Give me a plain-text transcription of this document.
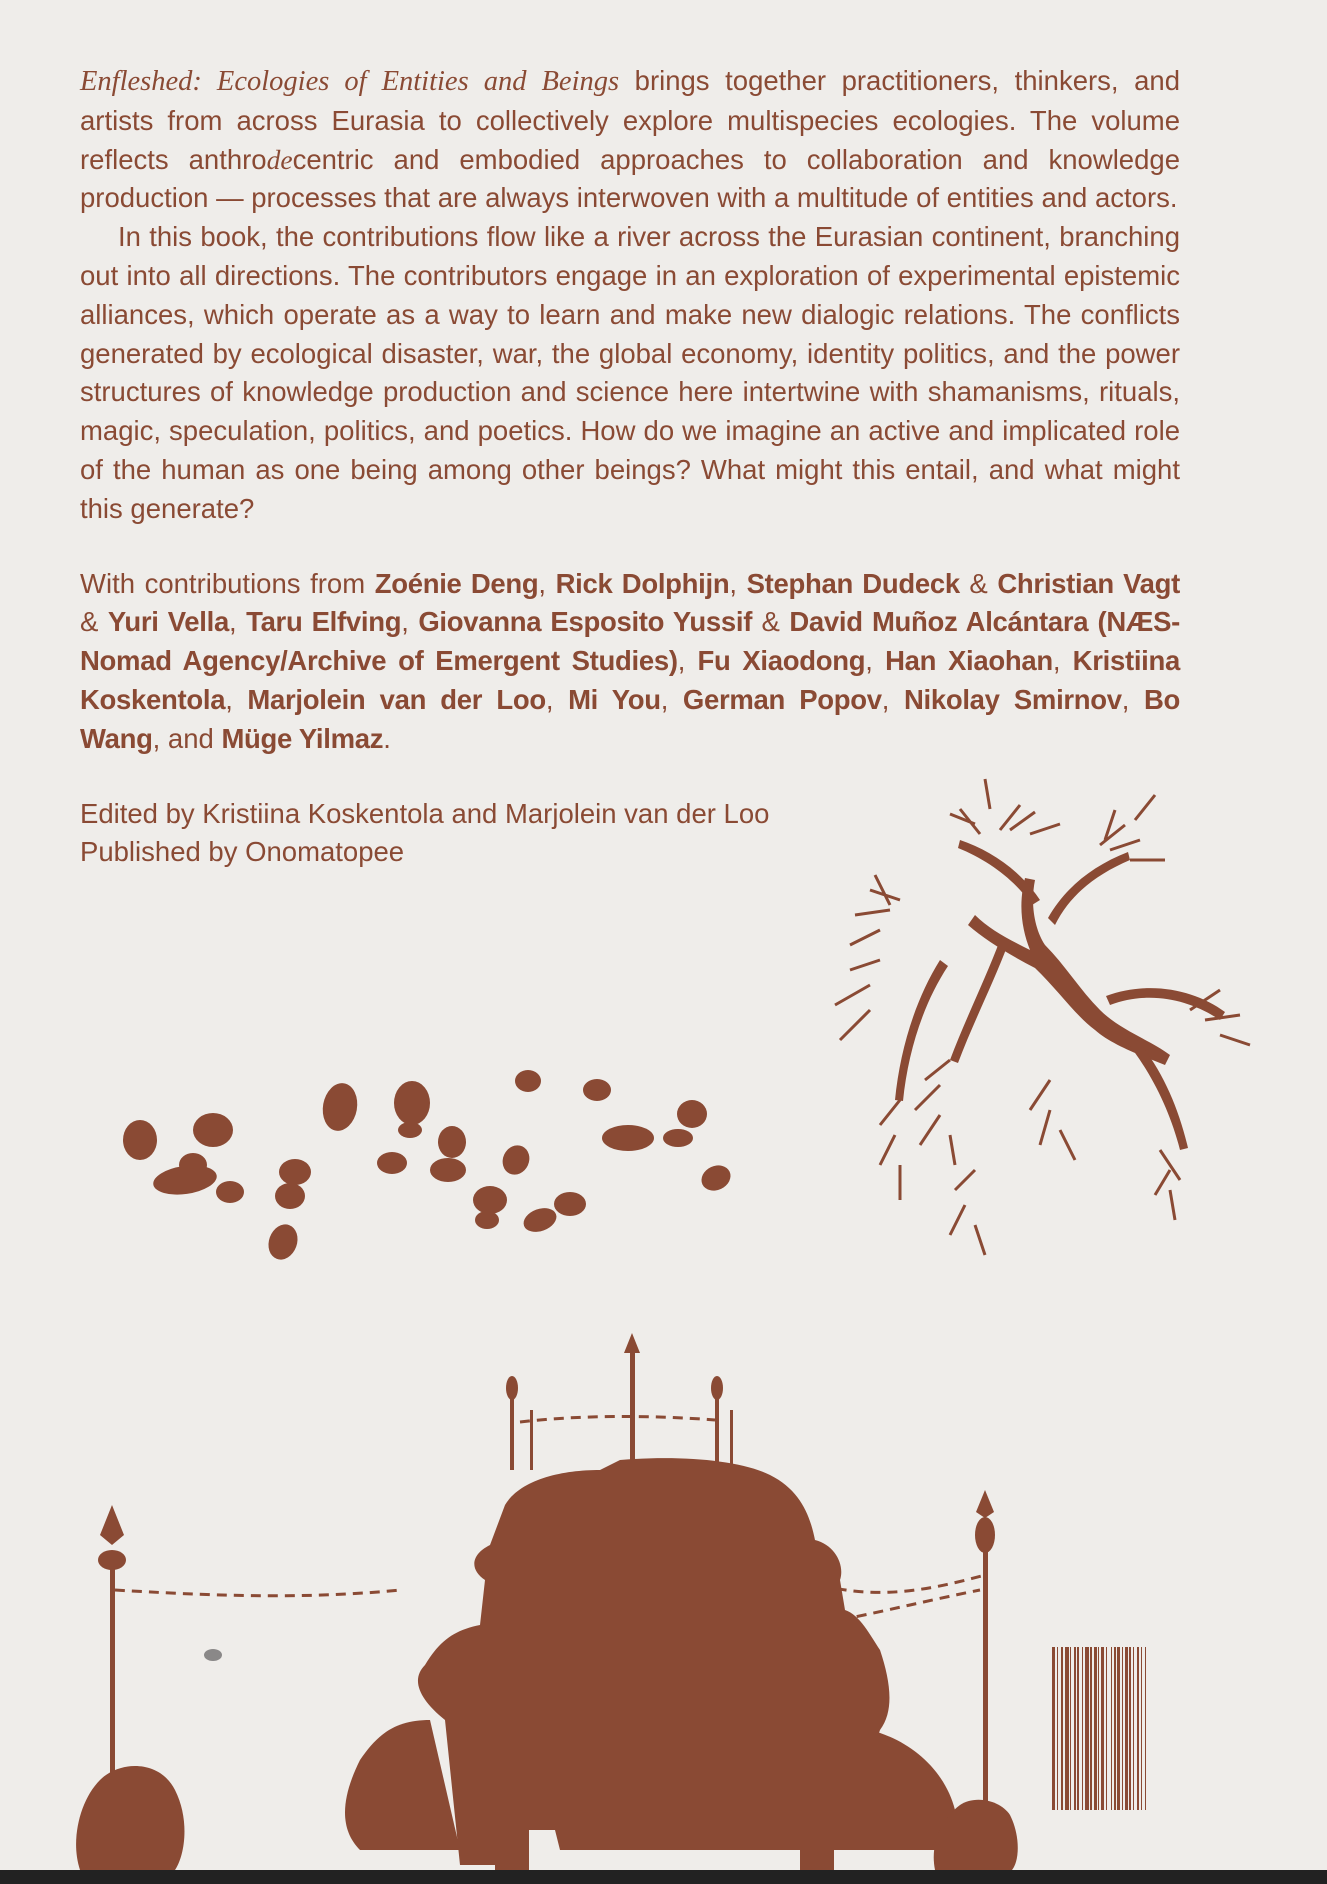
Enfleshed: Ecologies of Entities and Beings brings together practitioners, thinkers, and artists from across Eurasia to collectively explore multispecies ecologies. The volume reflects anthrodecentric and embodied approaches to collaboration and knowledge production — processes that are always interwoven with a multitude of entities and actors.

In this book, the contributions flow like a river across the Eurasian continent, branching out into all directions. The contributors engage in an exploration of experimental epistemic alliances, which operate as a way to learn and make new dialogic relations. The conflicts generated by ecological disaster, war, the global economy, identity politics, and the power structures of knowledge production and science here intertwine with shamanisms, rituals, magic, speculation, politics, and poetics. How do we imagine an active and implicated role of the human as one being among other beings? What might this entail, and what might this generate?

With contributions from Zoénie Deng, Rick Dolphijn, Stephan Dudeck & Christian Vagt & Yuri Vella, Taru Elfving, Giovanna Esposito Yussif & David Muñoz Alcántara (NÆS-Nomad Agency/Archive of Emergent Studies), Fu Xiaodong, Han Xiaohan, Kristiina Koskentola, Marjolein van der Loo, Mi You, German Popov, Nikolay Smirnov, Bo Wang, and Müge Yilmaz.

Edited by Kristiina Koskentola and Marjolein van der Loo
Published by Onomatopee
